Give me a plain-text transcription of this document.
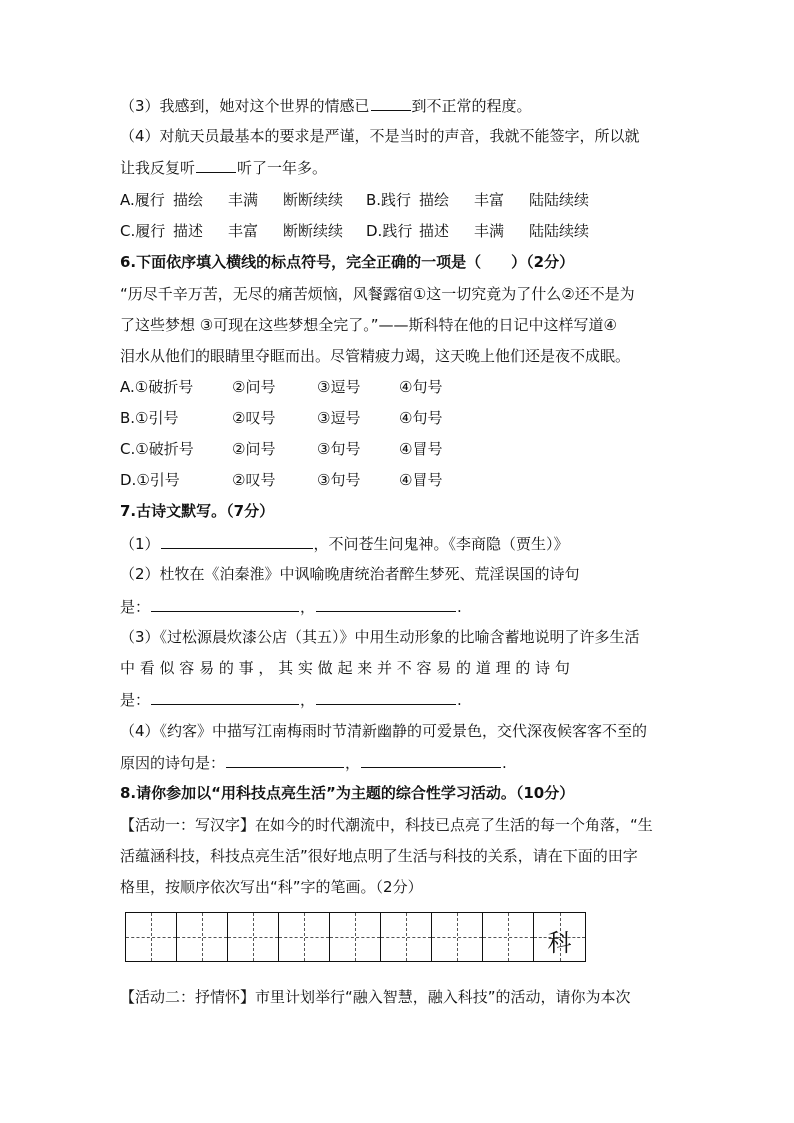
（3）我感到，她对这个世界的情感已	到不正常的程度。
（4）对航天员最基本的要求是严谨，不是当时的声音，我就不能签字，所以就
让我反复听	听了一年多。
A.履行 描绘 丰满 断断续续 B.践行 描绘 丰富 陆陆续续
C.履行 描述 丰富 断断续续 D.践行 描述 丰满 陆陆续续
6.下面依序填入横线的标点符号，完全正确的一项是（　　）（2分）
“历尽千辛万苦，无尽的痛苦烦恼，风餐露宿①这一切究竟为了什么②还不是为
了这些梦想 ③可现在这些梦想全完了。”——斯科特在他的日记中这样写道④
泪水从他们的眼睛里夺眶而出。尽管精疲力竭，这天晚上他们还是夜不成眠。
A.①破折号	②问号	③逗号	④句号
B.①引号	②叹号	③逗号	④句号
C.①破折号	②问号	③句号	④冒号
D.①引号	②叹号	③句号	④冒号
7.古诗文默写。（7分）
（1）	，不问苍生问鬼神。《李商隐（贾生）》
（2）杜牧在《泊秦淮》中讽喻晚唐统治者醉生梦死、荒淫误国的诗句
是：	，	.
（3）《过松源晨炊漆公店（其五）》中用生动形象的比喻含蓄地说明了许多生活
中 看 似 容 易 的 事 ， 其 实 做 起 来 并 不 容 易 的 道 理 的 诗 句
是：	，	.
（4）《约客》中描写江南梅雨时节清新幽静的可爱景色，交代深夜候客客不至的
原因的诗句是：	，	.
8.请你参加以“用科技点亮生活”为主题的综合性学习活动。（10分）
【活动一：写汉字】在如今的时代潮流中，科技已点亮了生活的每一个角落，“生
活蕴涵科技，科技点亮生活”很好地点明了生活与科技的关系，请在下面的田字
格里，按顺序依次写出“科”字的笔画。（2分）
科
【活动二：抒情怀】市里计划举行“融入智慧，融入科技”的活动，请你为本次
